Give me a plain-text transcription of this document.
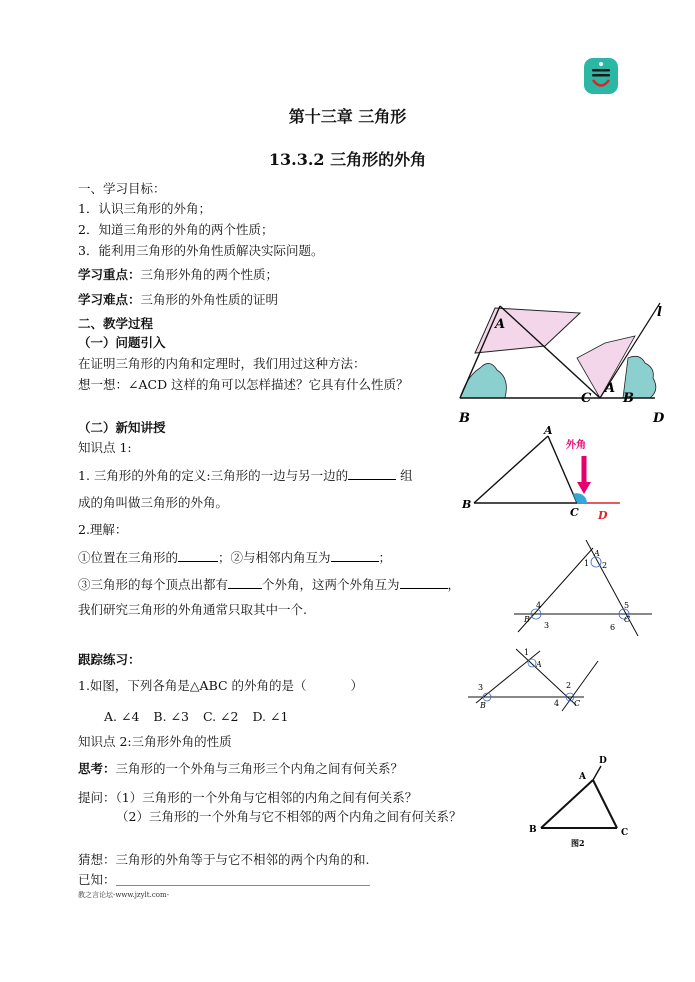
第十三章 三角形
13.3.2 三角形的外角
一、学习目标：
1．认识三角形的外角；
2．知道三角形的外角的两个性质；
3．能利用三角形的外角性质解决实际问题。
学习重点：三角形外角的两个性质；
学习难点：三角形的外角性质的证明
二、教学过程
（一）问题引入
在证明三角形的内角和定理时，我们用过这种方法：
想一想：∠ACD 这样的角可以怎样描述？它具有什么性质？
（二）新知讲授
知识点 1:
1. 三角形的外角的定义:三角形的一边与另一边的	组
成的角叫做三角形的外角。
2.理解：
①位置在三角形的	；②与相邻内角互为	；
③三角形的每个顶点出都有	个外角，这两个外角互为	，
我们研究三角形的外角通常只取其中一个.
跟踪练习：
1.如图，下列各角是△ABC 的外角的是（	）
A. ∠4 B. ∠3 C. ∠2 D. ∠1
知识点 2:三角形外角的性质
思考：三角形的一个外角与三角形三个内角之间有何关系？
提问：（1）三角形的一个外角与它相邻的内角之间有何关系？
（2）三角形的一个外角与它不相邻的两个内角之间有何关系？
猜想：三角形的外角等于与它不相邻的两个内角的和.
已知：
教之言论坛-www.jzylt.com-
A
B
C
D
A
B
l
外角
A
B
C D
1 2
A
4
B
3
5
C
6
3
B
1
A
2
4 C
A
B	C
D
图2
